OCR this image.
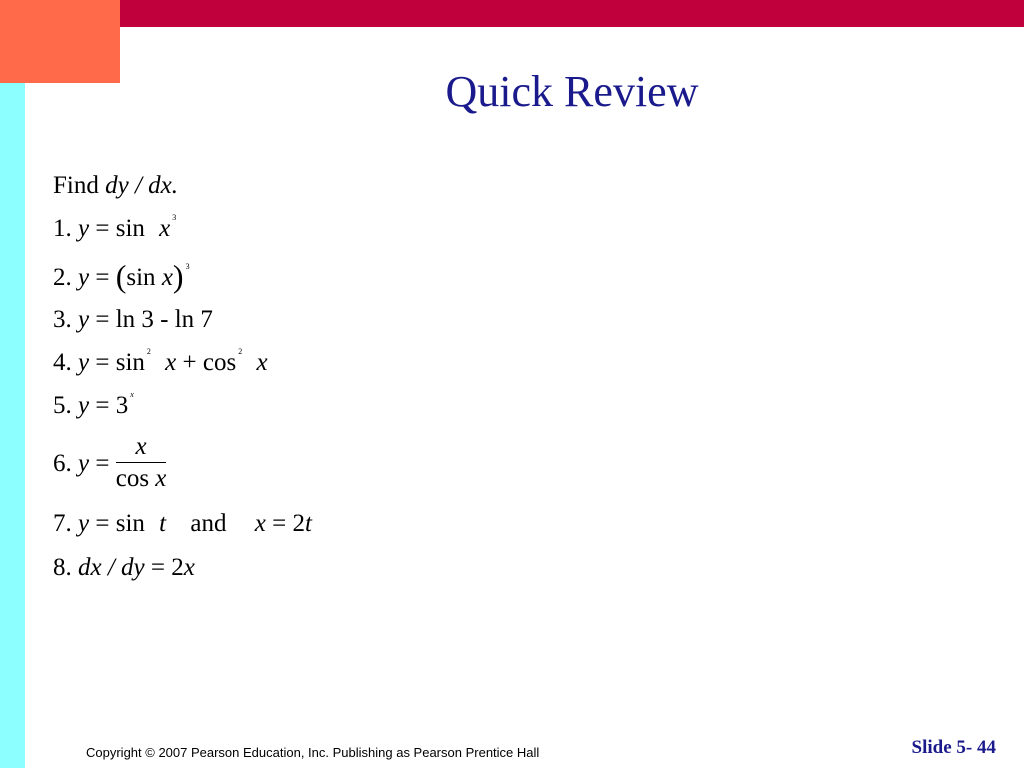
Quick Review
Find dy / dx.
1. y = sin x $^3$
2. y = (sin x) $^3$
3. y = ln 3 - ln 7
4. y = sin $^2$ x + cos $^2$ x
5. y = 3 $^x$
6. $y = \frac{x}{\text{cos x}}$
7. y = sin t and x = 2t
8. dx / dy = 2x
Copyright © 2007 Pearson Education, Inc. Publishing as Pearson Prentice Hall	Slide 5- 44
